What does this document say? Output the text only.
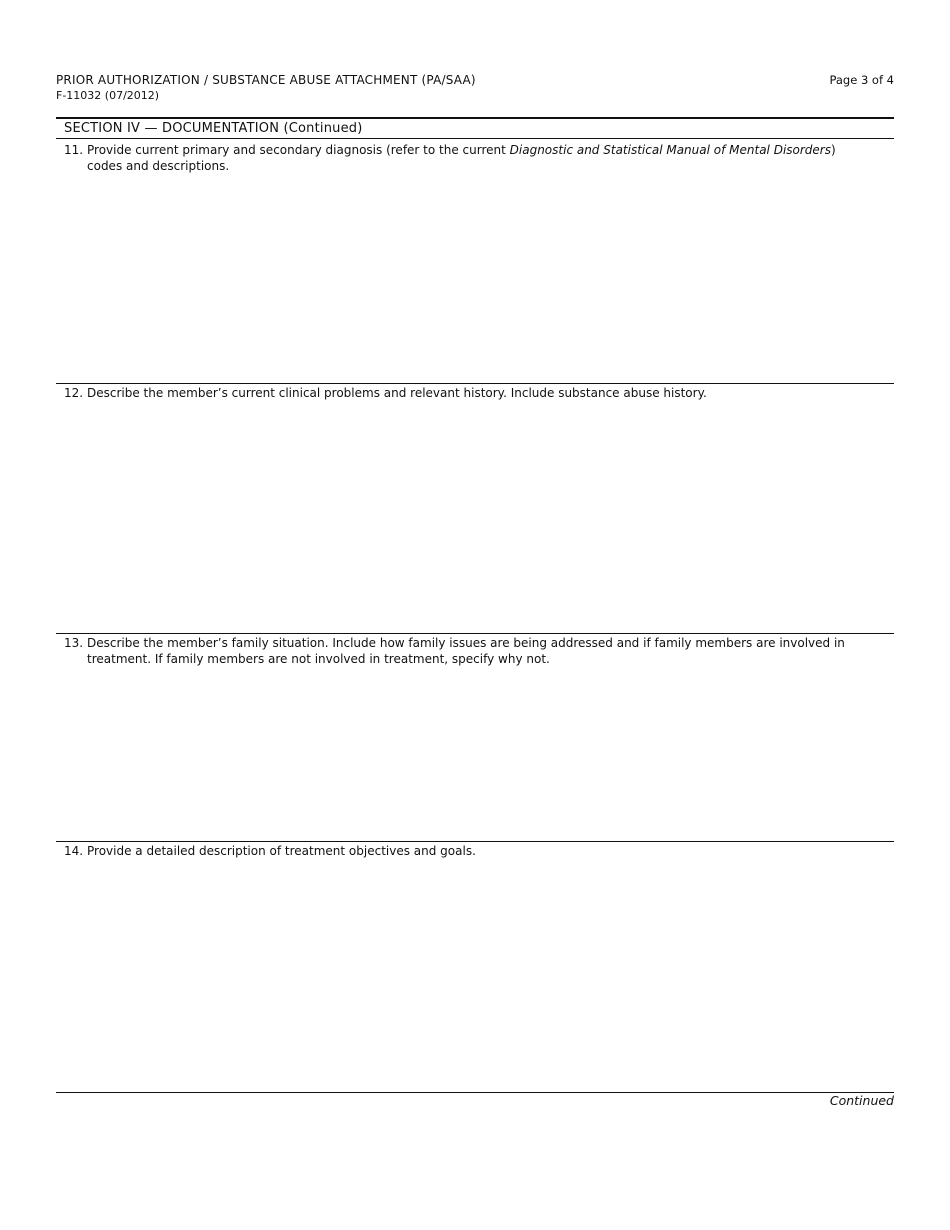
PRIOR AUTHORIZATION / SUBSTANCE ABUSE ATTACHMENT (PA/SAA)
F-11032 (07/2012)
Page 3 of 4
SECTION IV — DOCUMENTATION (Continued)
11. Provide current primary and secondary diagnosis (refer to the current Diagnostic and Statistical Manual of Mental Disorders) codes and descriptions.
12. Describe the member’s current clinical problems and relevant history. Include substance abuse history.
13. Describe the member’s family situation. Include how family issues are being addressed and if family members are involved in treatment. If family members are not involved in treatment, specify why not.
14. Provide a detailed description of treatment objectives and goals.
Continued
